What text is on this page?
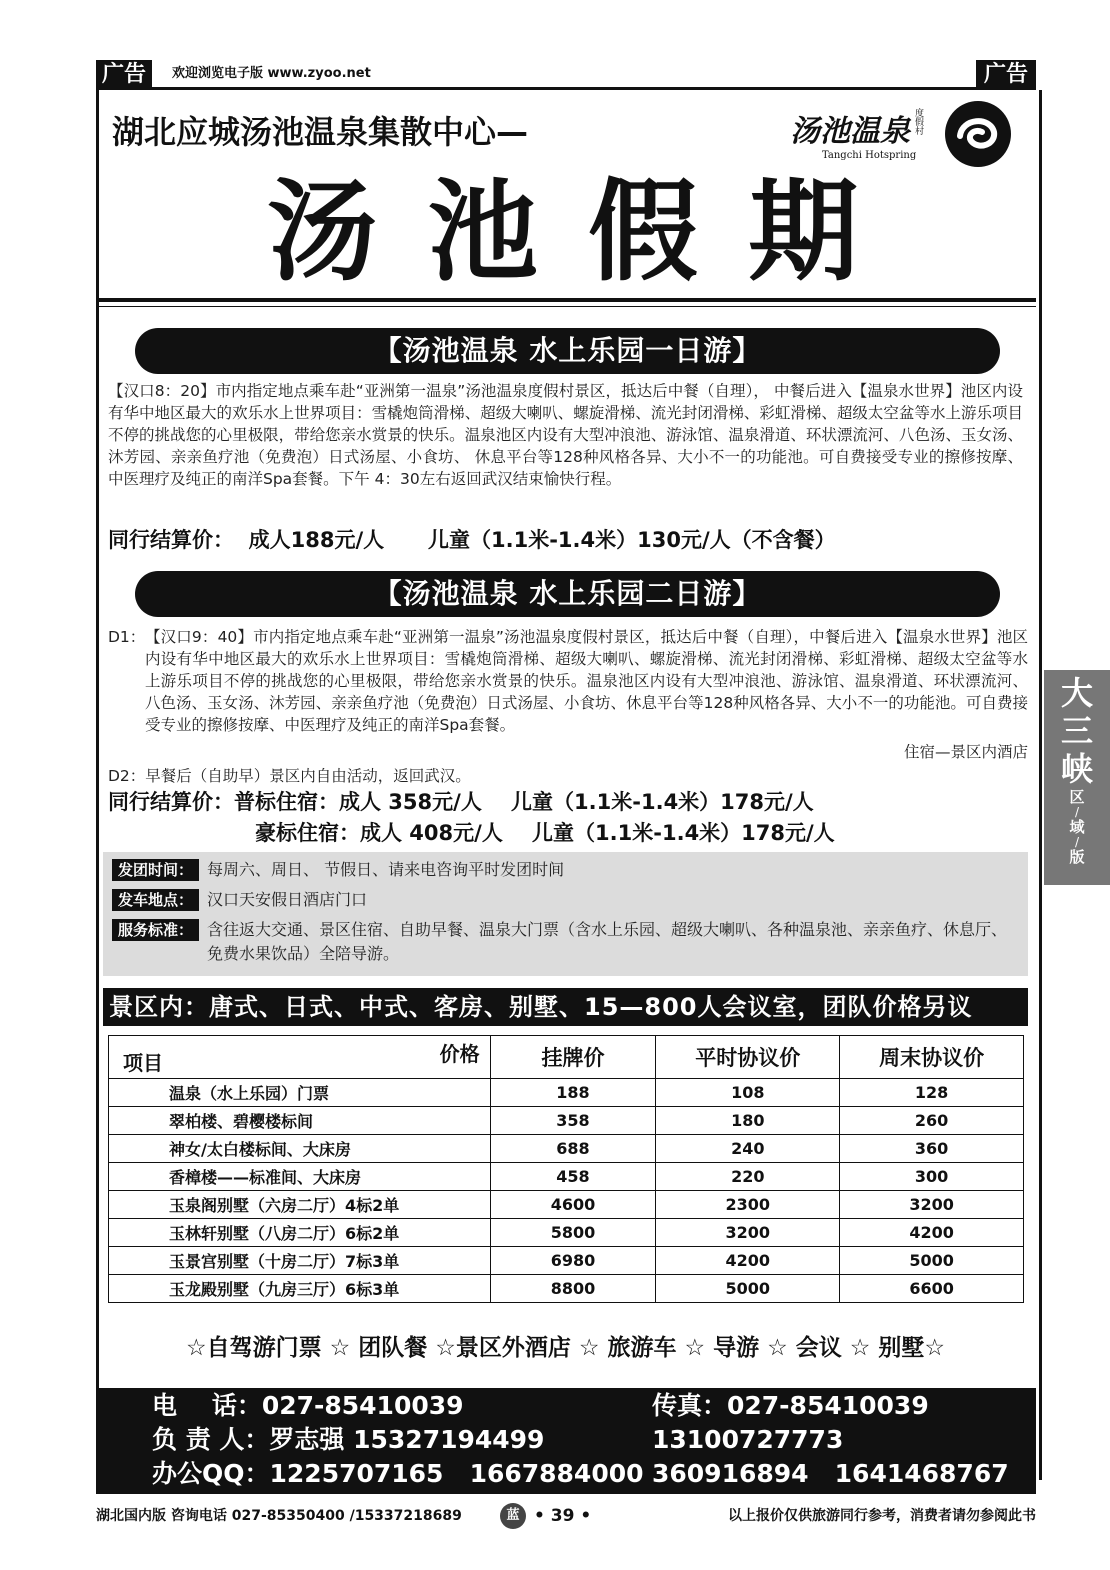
广告	欢迎浏览电子版 www.zyoo.net	广告
湖北应城汤池温泉集散中心—	汤池温泉 度假村
Tangchi Hotspring
汤 池 假 期
【汤池温泉 水上乐园一日游】
【汉口8：20】市内指定地点乘车赴“亚洲第一温泉”汤池温泉度假村景区，抵达后中餐（自理）， 中餐后进入【温泉水世界】池区内设有华中地区最大的欢乐水上世界项目：雪橇炮筒滑梯、超级大喇叭、螺旋滑梯、流光封闭滑梯、彩虹滑梯、超级太空盆等水上游乐项目不停的挑战您的心里极限，带给您亲水赏景的快乐。温泉池区内设有大型冲浪池、游泳馆、温泉滑道、环状漂流河、八色汤、玉女汤、沐芳园、亲亲鱼疗池（免费泡）日式汤屋、小食坊、 休息平台等128种风格各异、大小不一的功能池。可自费接受专业的擦修按摩、中医理疗及纯正的南洋Spa套餐。下午 4：30左右返回武汉结束愉快行程。
同行结算价：  成人188元/人      儿童（1.1米-1.4米）130元/人（不含餐）
【汤池温泉 水上乐园二日游】
D1： 【汉口9：40】市内指定地点乘车赴“亚洲第一温泉”汤池温泉度假村景区，抵达后中餐（自理），中餐后进入【温泉水世界】池区内设有华中地区最大的欢乐水上世界项目：雪橇炮筒滑梯、超级大喇叭、螺旋滑梯、流光封闭滑梯、彩虹滑梯、超级太空盆等水上游乐项目不停的挑战您的心里极限，带给您亲水赏景的快乐。温泉池区内设有大型冲浪池、游泳馆、温泉滑道、环状漂流河、八色汤、玉女汤、沐芳园、亲亲鱼疗池（免费泡）日式汤屋、小食坊、休息平台等128种风格各异、大小不一的功能池。可自费接受专业的擦修按摩、中医理疗及纯正的南洋Spa套餐。
住宿—景区内酒店
D2：早餐后（自助早）景区内自由活动，返回武汉。
同行结算价：普标住宿：成人 358元/人    儿童（1.1米-1.4米）178元/人
豪标住宿：成人 408元/人    儿童（1.1米-1.4米）178元/人
发团时间： 每周六、周日、 节假日、请来电咨询平时发团时间
发车地点： 汉口天安假日酒店门口
服务标准： 含往返大交通、景区住宿、自助早餐、温泉大门票（含水上乐园、超级大喇叭、各种温泉池、亲亲鱼疗、休息厅、免费水果饮品）全陪导游。
景区内：唐式、日式、中式、客房、别墅、15—800人会议室，团队价格另议
价格
项目	挂牌价	平时协议价	周末协议价
温泉（水上乐园）门票	188	108	128
翠柏楼、碧樱楼标间	358	180	260
神女/太白楼标间、大床房	688	240	360
香樟楼——标准间、大床房	458	220	300
玉泉阁别墅（六房二厅）4标2单	4600	2300	3200
玉林轩别墅（八房二厅）6标2单	5800	3200	4200
玉景宫别墅（十房二厅）7标3单	6980	4200	5000
玉龙殿别墅（九房三厅）6标3单	8800	5000	6600
☆自驾游门票 ☆ 团队餐 ☆景区外酒店 ☆ 旅游车 ☆ 导游 ☆ 会议 ☆ 别墅☆
电    话：027-85410039	传真：027-85410039
负 责 人：罗志强 15327194499	13100727773
办公QQ：1225707165   1667884000 360916894   1641468767
湖北国内版 咨询电话 027-85350400 /15337218689	蓝 • 39 •	以上报价仅供旅游同行参考，消费者请勿参阅此书
大
三
峡
区
/
域
/
版
